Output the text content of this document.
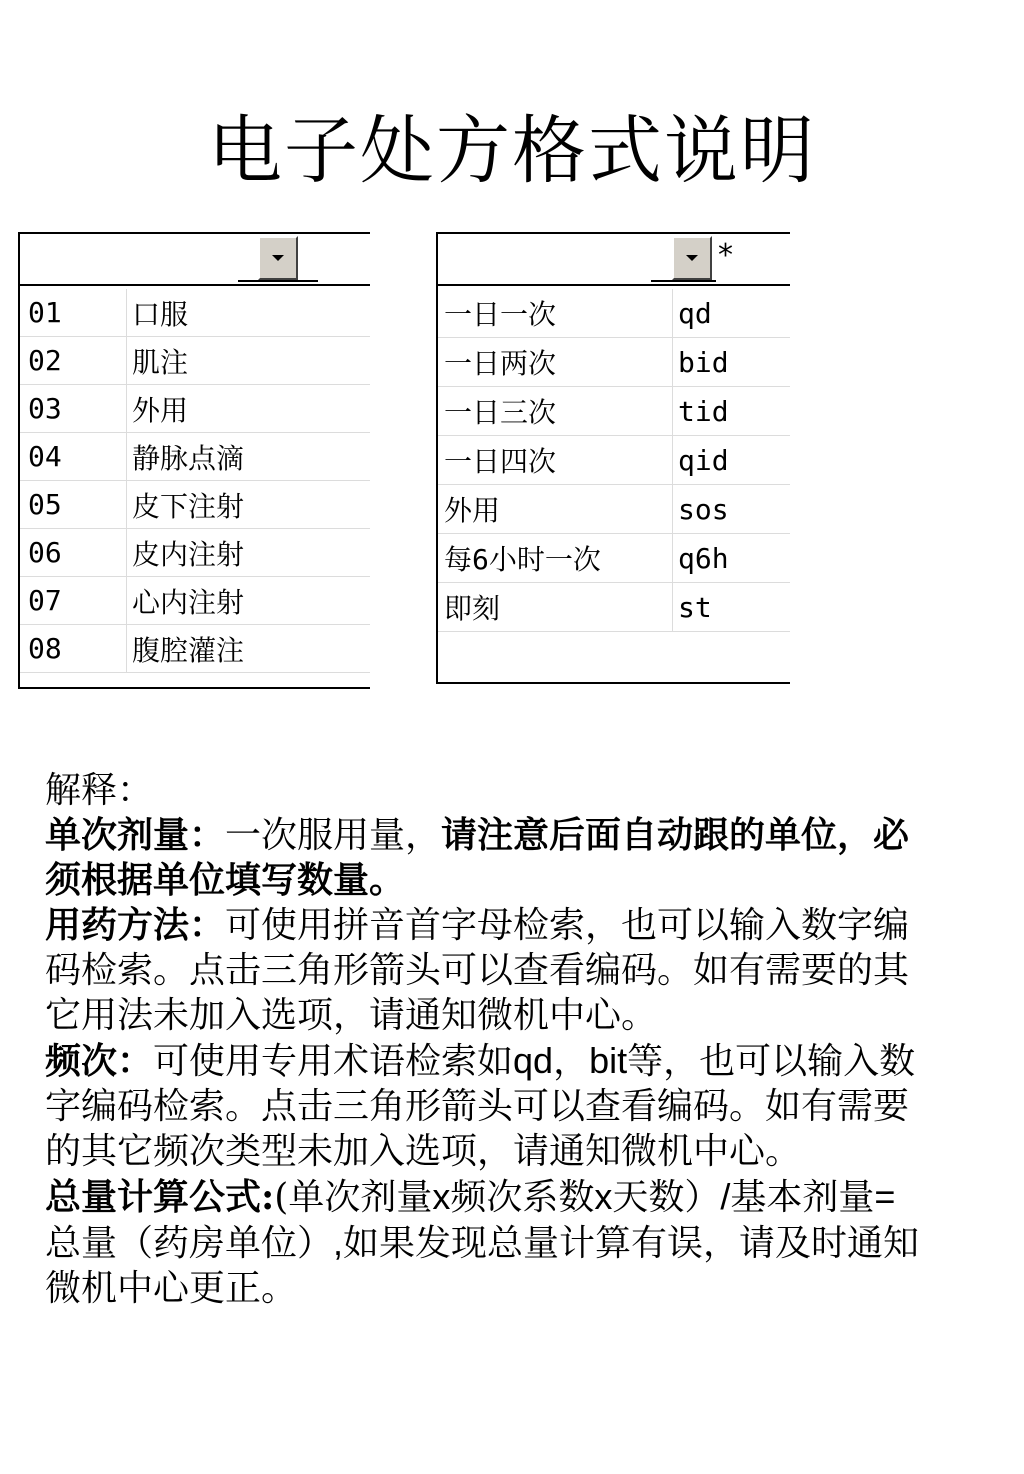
电子处方格式说明
01	口服
02	肌注
03	外用
04	静脉点滴
05	皮下注射
06	皮内注射
07	心内注射
08	腹腔灌注
*
一日一次	qd
一日两次	bid
一日三次	tid
一日四次	qid
外用	sos
每6小时一次	q6h
即刻	st

解释：

单次剂量：一次服用量，请注意后面自动跟的单位，必须根据单位填写数量。

用药方法：可使用拼音首字母检索，也可以输入数字编码检索。点击三角形箭头可以查看编码。如有需要的其它用法未加入选项，请通知微机中心。

频次：可使用专用术语检索如qd，bit等，也可以输入数字编码检索。点击三角形箭头可以查看编码。如有需要的其它频次类型未加入选项，请通知微机中心。

总量计算公式:(单次剂量x频次系数x天数）/基本剂量=总量（药房单位）,如果发现总量计算有误，请及时通知微机中心更正。
